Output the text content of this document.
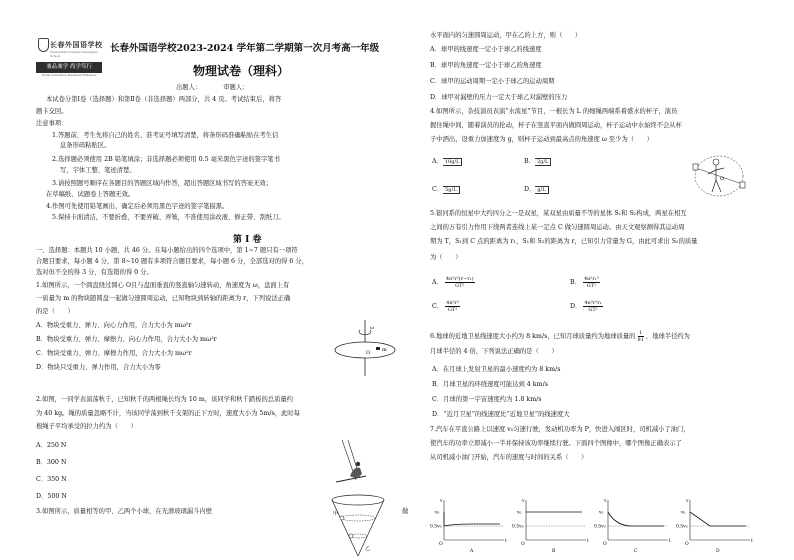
长春外国语学校
Changchun Foreign Languages School
兼品兼学 尚学笃行
Noble Cultivation Persistent Endeavor
长春外国语学校2023-2024 学年第二学期第一次月考高一年级
物理试卷（理科）
出题人：　　　　审题人：
本试卷分第Ⅰ卷（选择题）和第Ⅱ卷（非选择题）两部分，共 4 页。考试结束后，将答
题卡交回。
注意事项：
1.答题前，考生先将自己的姓名、准考证号填写清楚，将条形码准确粘贴在考生信
息条形码粘贴区。
2.选择题必须使用 2B 铅笔填涂；非选择题必须使用 0.5 毫米黑色字迹的签字笔书
写，字体工整、笔迹清楚。
3.请按照题号顺序在各题目的答题区域内作答，超出答题区域书写的答案无效；
在草稿纸、试题卷上答题无效。
4.作图可先使用铅笔画出，确定后必须用黑色字迹的签字笔描黑。
5.保持卡面清洁，不要折叠，不要弄破、弄皱，不准使用涂改液、修正带、刮纸刀。
第 Ⅰ 卷
一、选择题：本题共 10 小题，共 46 分。在每小题给出的四个选项中，第 1~7 题只有一项符
合题目要求，每小题 4 分，第 8~10 题有多项符合题目要求，每小题 6 分，全部选对的得 6 分，
选对但不全的得 3 分，有选错的得 0 分。
1.如图所示，一个圆盘绕过圆心 O且与盘面垂直的竖直轴匀速转动，角速度为 ω，盘面上有
一质量为 m 的物块随圆盘一起做匀速圆周运动，已知物块到转轴的距离为 r，下列说法正确
的是（　　）
A．物块受重力、弹力、向心力作用，合力大小为 mω²r
B．物块受重力、弹力、摩擦力、向心力作用，合力大小为 mω²r
C．物块受重力、弹力、摩擦力作用，合力大小为 mω²r
D．物块只受重力、弹力作用，合力大小为零
ω
O m
2.如图，一同学表演荡秋千，已知秋千的两根绳长均为 10 m，该同学和秋千踏板的总质量约
为 40 kg。绳的质量忽略不计，当该同学荡到秋千支架的正下方时，速度大小为 5m/s，此时每
根绳子平均承受的拉力约为（　　）
A．250 N
B．300 N
C．350 N
D．500 N
3.如图所示，质量相等的甲、乙两个小球，在光滑玻璃漏斗内壁	做
甲
乙
水平面内的匀速圆周运动，甲在乙的上方，则（　　）
A．球甲的线速度一定小于球乙的线速度
B．球甲的角速度一定小于球乙的角速度
C．球甲的运动周期一定小于球乙的运动周期
D．球甲对漏壁的压力一定大于球乙对漏壁的压力
4.如图所示，杂技演员表演“水流星”节目，一根长为 L 的细绳两端系着盛水的杯子，演员
握住绳中间，随着演员的抡动，杯子在竖直平面内做圆周运动，杯子运动中水始终不会从杯
子中洒出，设重力加速度为 g，则杯子运动到最高点的角速度 ω 至少为（　　）
A． 10g/L	B． 2g/L
C． 5g/L	D． g/L
O
5.银河系的恒星中大约四分之一是双星，某双星由质量不等的星体 S₁和 S₂构成，两星在相互
之间的万有引力作用下绕两者连线上某一定点 C 做匀速圆周运动。由天文观察测得其运动周
期为 T，S₁到 C 点的距离为 r₁，S₁和 S₂的距离为 r，已知引力常量为 G，由此可求出 S₂的质量
为（　　）
A． $\frac{\text{4π²r²(r−r₁)}}{\text{GT²}}$	B． $\frac{\text{4π²r₁³}}{\text{GT²}}$
C． $\frac{\text{4π²r³}}{\text{GT²}}$	D． $\frac{\text{4π²r²r₁}}{\text{GT²}}$
6.地球的近地卫星线速度大小约为 8 km/s，已知月球质量约为地球质量的 $\frac{1}{81}$ ，地球半径约为
月球半径的 4 倍，下列说法正确的是（　　）
A．在月球上发射卫星的最小速度约为 8 km/s
B．月球卫星的环绕速度可能达到 4 km/s
C．月球的第一宇宙速度约为 1.8 km/s
D．“近月卫星”的线速度比“近地卫星”的线速度大
7.汽车在平直公路上以速度 v₀匀速行驶，发动机功率为 P，快进入闹区时，司机减小了油门，
使汽车的功率立即减小一半并保持该功率继续行驶。下面四个图像中，哪个图像正确表示了
从司机减小油门开始，汽车的速度与时间的关系（　　）
v
t
O
v₀
0.5v₀
A
v
t
O
v₀
0.5v₀
B
v
t
O
v₀
0.5v₀
C
v
t
O
v₀
0.5v₀
D
